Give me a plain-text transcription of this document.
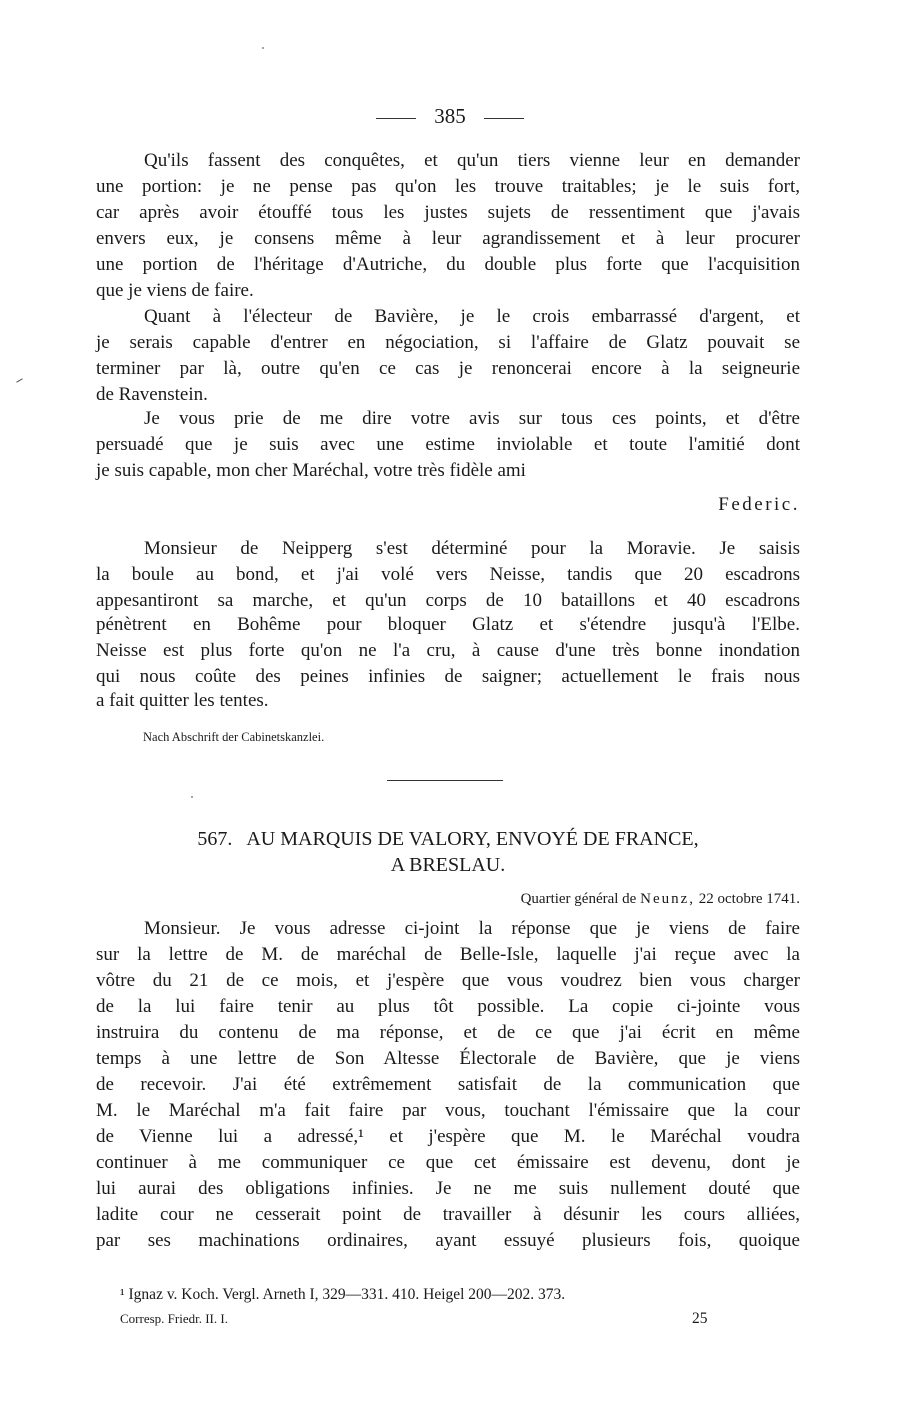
385
Qu'ils fassent des conquêtes, et qu'un tiers vienne leur en demander
une portion: je ne pense pas qu'on les trouve traitables; je le suis fort,
car après avoir étouffé tous les justes sujets de ressentiment que j'avais
envers eux, je consens même à leur agrandissement et à leur procurer
une portion de l'héritage d'Autriche, du double plus forte que l'acquisition
que je viens de faire.
Quant à l'électeur de Bavière, je le crois embarrassé d'argent, et
je serais capable d'entrer en négociation, si l'affaire de Glatz pouvait se
terminer par là, outre qu'en ce cas je renoncerai encore à la seigneurie
de Ravenstein.
Je vous prie de me dire votre avis sur tous ces points, et d'être
persuadé que je suis avec une estime inviolable et toute l'amitié dont
je suis capable, mon cher Maréchal, votre très fidèle ami
Federic.
Monsieur de Neipperg s'est déterminé pour la Moravie. Je saisis
la boule au bond, et j'ai volé vers Neisse, tandis que 20 escadrons
appesantiront sa marche, et qu'un corps de 10 bataillons et 40 escadrons
pénètrent en Bohême pour bloquer Glatz et s'étendre jusqu'à l'Elbe.
Neisse est plus forte qu'on ne l'a cru, à cause d'une très bonne inondation
qui nous coûte des peines infinies de saigner; actuellement le frais nous
a fait quitter les tentes.
Nach Abschrift der Cabinetskanzlei.
567. AU MARQUIS DE VALORY, ENVOYÉ DE FRANCE,
A BRESLAU.
Quartier général de Neunz, 22 octobre 1741.
Monsieur. Je vous adresse ci-joint la réponse que je viens de faire
sur la lettre de M. de maréchal de Belle-Isle, laquelle j'ai reçue avec la
vôtre du 21 de ce mois, et j'espère que vous voudrez bien vous charger
de la lui faire tenir au plus tôt possible. La copie ci-jointe vous
instruira du contenu de ma réponse, et de ce que j'ai écrit en même
temps à une lettre de Son Altesse Électorale de Bavière, que je viens
de recevoir. J'ai été extrêmement satisfait de la communication que
M. le Maréchal m'a fait faire par vous, touchant l'émissaire que la cour
de Vienne lui a adressé,¹ et j'espère que M. le Maréchal voudra
continuer à me communiquer ce que cet émissaire est devenu, dont je
lui aurai des obligations infinies. Je ne me suis nullement douté que
ladite cour ne cesserait point de travailler à désunir les cours alliées,
par ses machinations ordinaires, ayant essuyé plusieurs fois, quoique
¹ Ignaz v. Koch. Vergl. Arneth I, 329—331. 410. Heigel 200—202. 373.
Corresp. Friedr. II. I.	25
